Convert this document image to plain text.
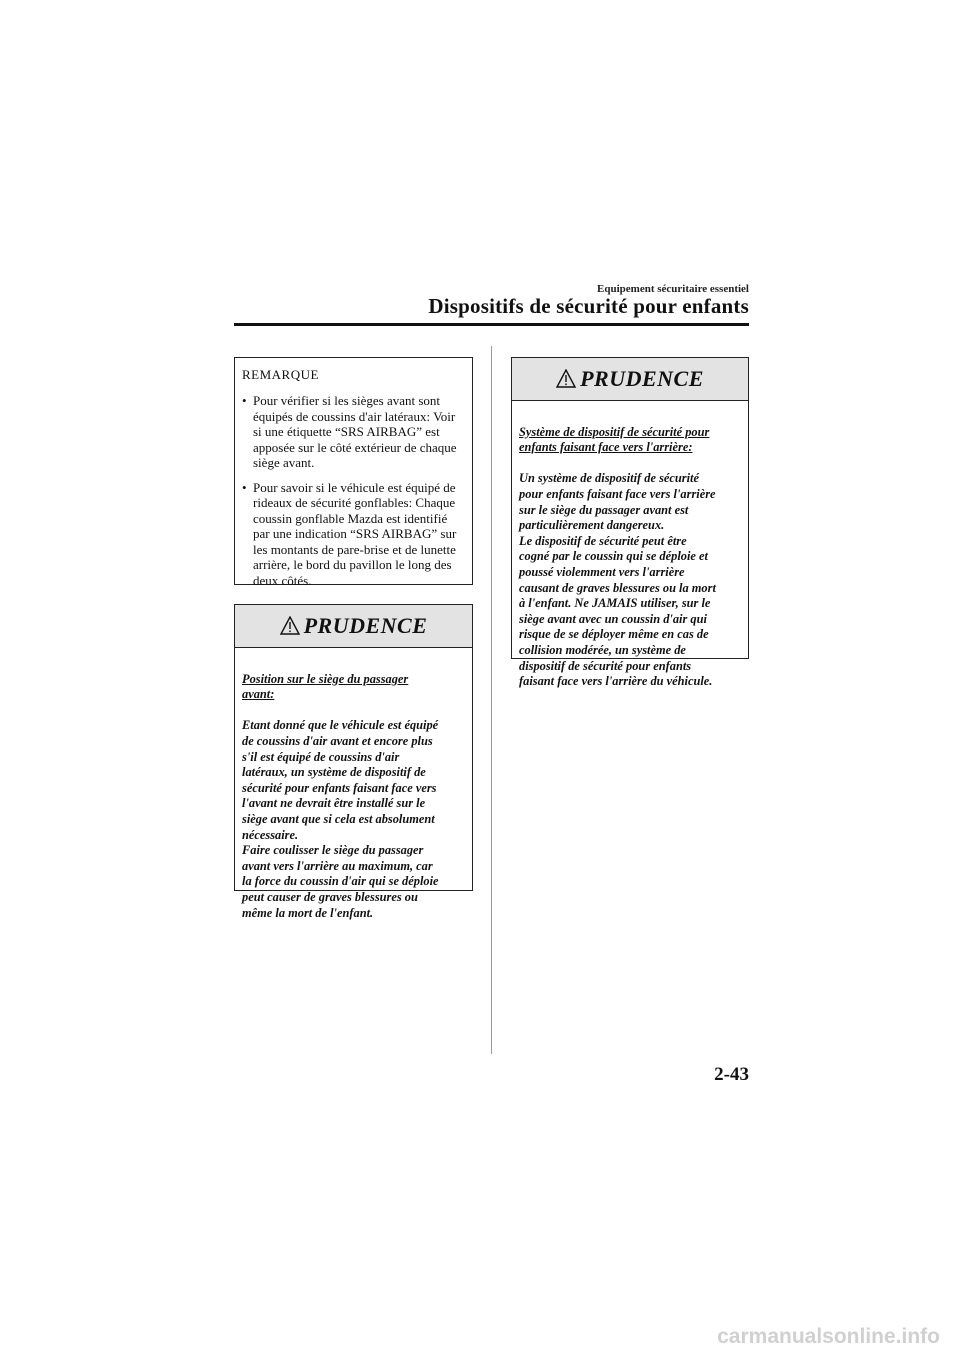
Equipement sécuritaire essentiel
Dispositifs de sécurité pour enfants
REMARQUE
• Pour vérifier si les sièges avant sont équipés de coussins d'air latéraux: Voir si une étiquette “SRS AIRBAG” est apposée sur le côté extérieur de chaque siège avant.
• Pour savoir si le véhicule est équipé de rideaux de sécurité gonflables: Chaque coussin gonflable Mazda est identifié par une indication “SRS AIRBAG” sur les montants de pare-brise et de lunette arrière, le bord du pavillon le long des deux côtés.
PRUDENCE

Position sur le siège du passager
avant:

Etant donné que le véhicule est équipé
de coussins d'air avant et encore plus
s'il est équipé de coussins d'air
latéraux, un système de dispositif de
sécurité pour enfants faisant face vers
l'avant ne devrait être installé sur le
siège avant que si cela est absolument
nécessaire.
Faire coulisser le siège du passager
avant vers l'arrière au maximum, car
la force du coussin d'air qui se déploie
peut causer de graves blessures ou
même la mort de l'enfant.

PRUDENCE

Système de dispositif de sécurité pour
enfants faisant face vers l'arrière:

Un système de dispositif de sécurité
pour enfants faisant face vers l'arrière
sur le siège du passager avant est
particulièrement dangereux.
Le dispositif de sécurité peut être
cogné par le coussin qui se déploie et
poussé violemment vers l'arrière
causant de graves blessures ou la mort
à l'enfant. Ne JAMAIS utiliser, sur le
siège avant avec un coussin d'air qui
risque de se déployer même en cas de
collision modérée, un système de
dispositif de sécurité pour enfants
faisant face vers l'arrière du véhicule.

2-43
carmanualsonline.info
